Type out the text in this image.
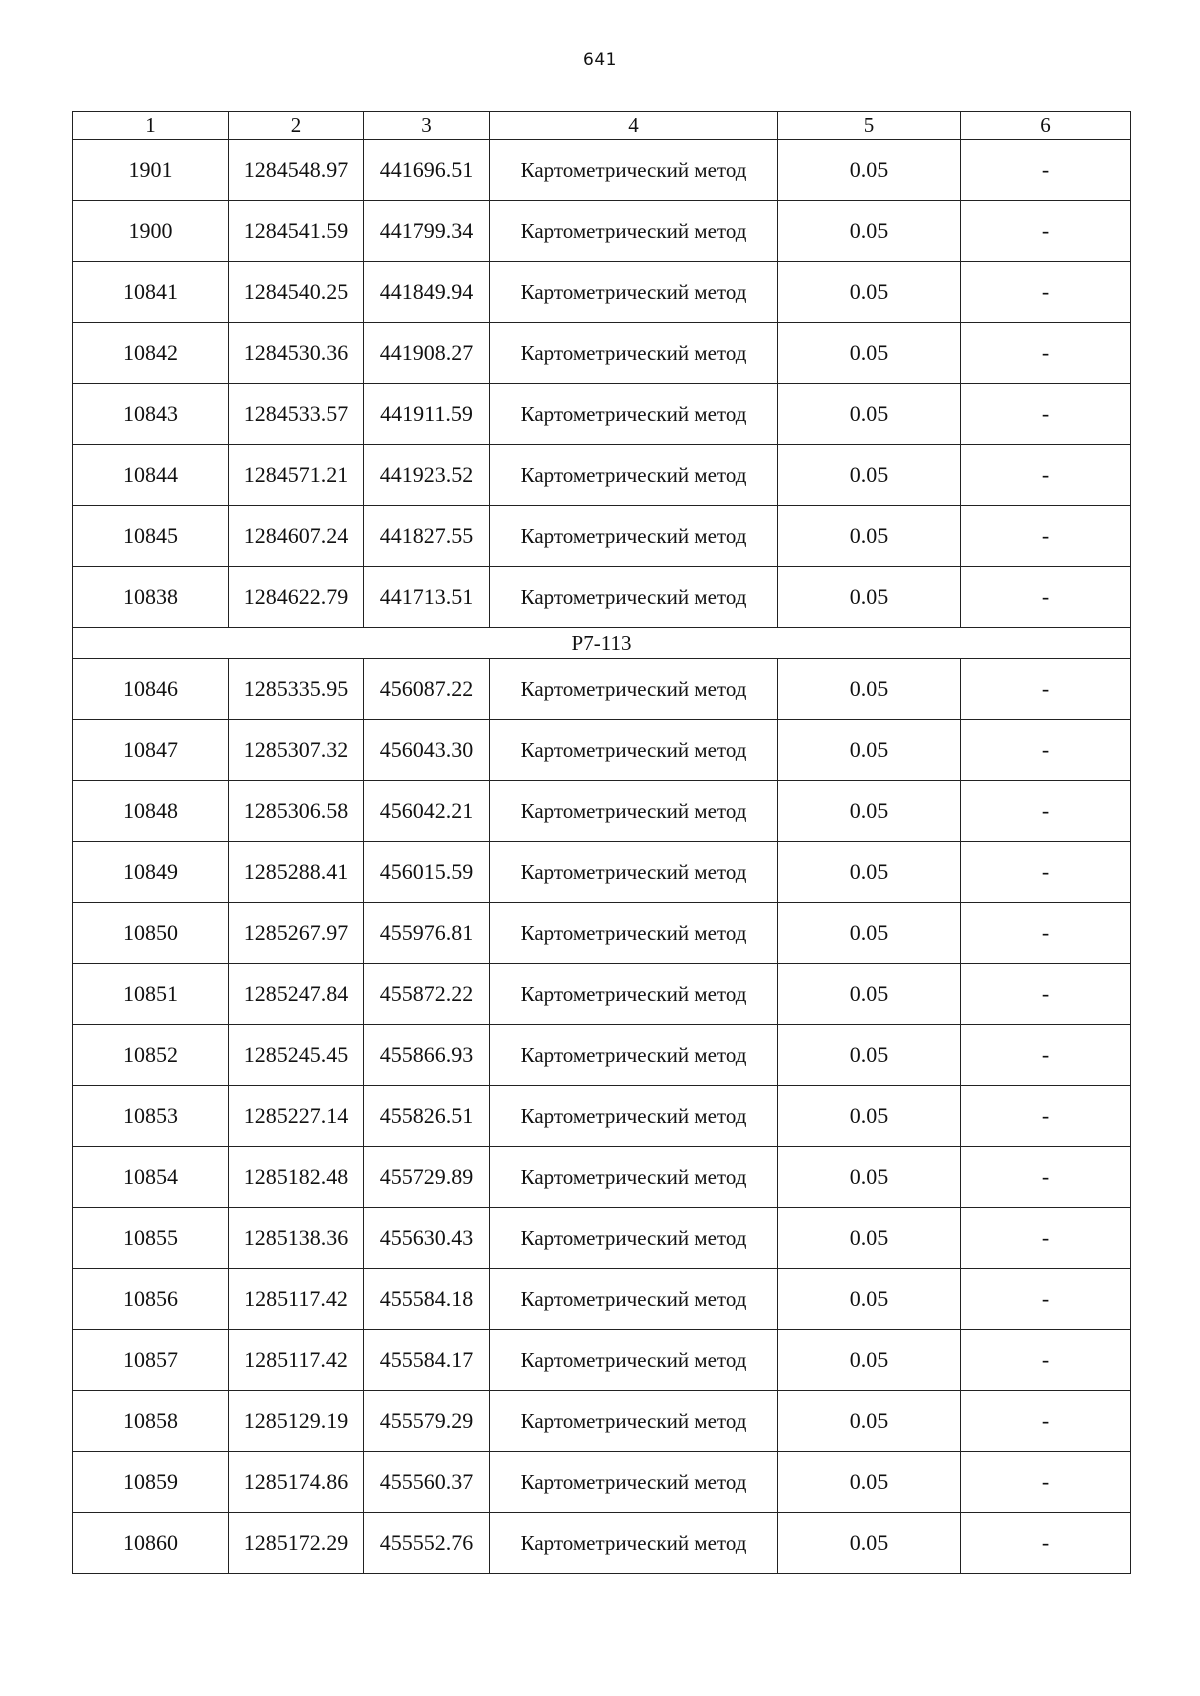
641
1	2	3	4	5	6
1901	1284548.97	441696.51	Картометрический метод	0.05	-
1900	1284541.59	441799.34	Картометрический метод	0.05	-
10841	1284540.25	441849.94	Картометрический метод	0.05	-
10842	1284530.36	441908.27	Картометрический метод	0.05	-
10843	1284533.57	441911.59	Картометрический метод	0.05	-
10844	1284571.21	441923.52	Картометрический метод	0.05	-
10845	1284607.24	441827.55	Картометрический метод	0.05	-
10838	1284622.79	441713.51	Картометрический метод	0.05	-
Р7-113					
10846	1285335.95	456087.22	Картометрический метод	0.05	-
10847	1285307.32	456043.30	Картометрический метод	0.05	-
10848	1285306.58	456042.21	Картометрический метод	0.05	-
10849	1285288.41	456015.59	Картометрический метод	0.05	-
10850	1285267.97	455976.81	Картометрический метод	0.05	-
10851	1285247.84	455872.22	Картометрический метод	0.05	-
10852	1285245.45	455866.93	Картометрический метод	0.05	-
10853	1285227.14	455826.51	Картометрический метод	0.05	-
10854	1285182.48	455729.89	Картометрический метод	0.05	-
10855	1285138.36	455630.43	Картометрический метод	0.05	-
10856	1285117.42	455584.18	Картометрический метод	0.05	-
10857	1285117.42	455584.17	Картометрический метод	0.05	-
10858	1285129.19	455579.29	Картометрический метод	0.05	-
10859	1285174.86	455560.37	Картометрический метод	0.05	-
10860	1285172.29	455552.76	Картометрический метод	0.05	-
